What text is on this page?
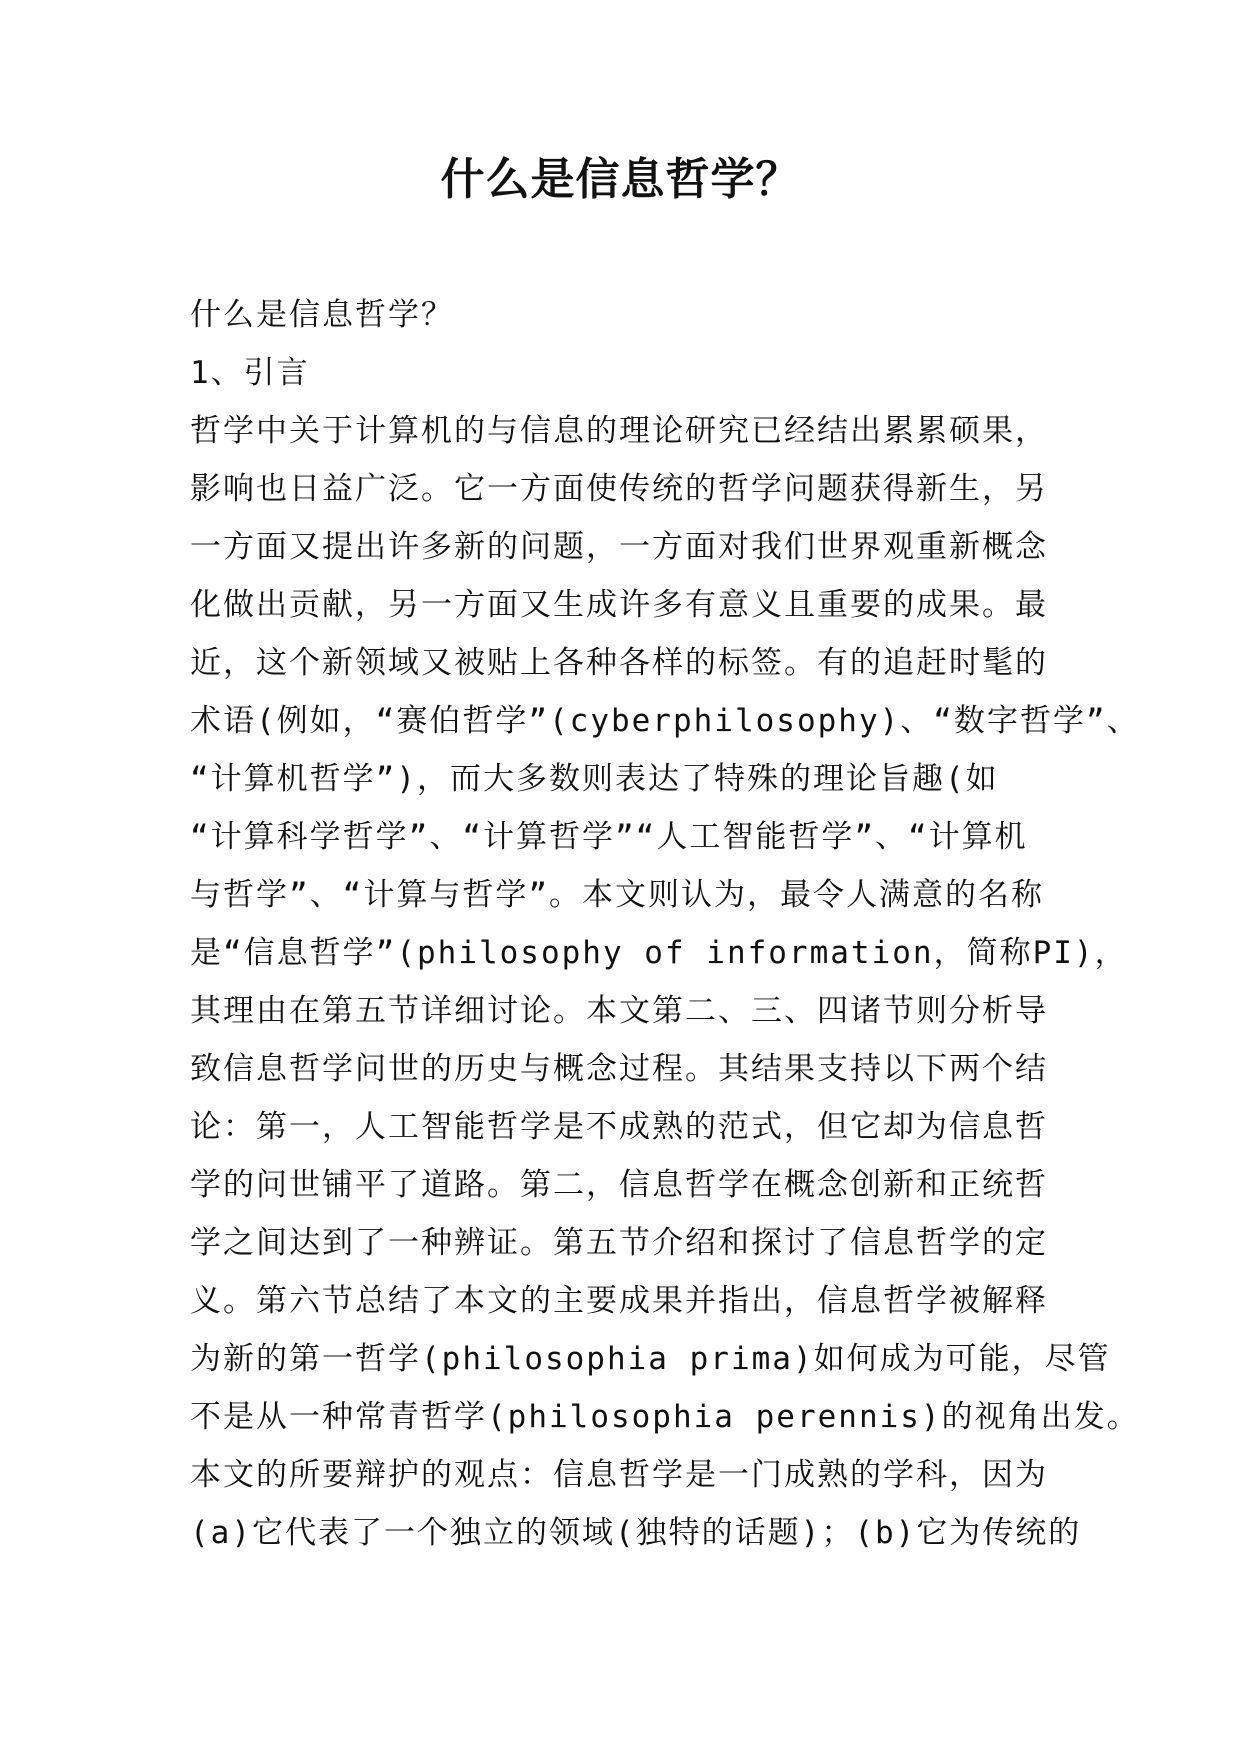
什么是信息哲学？

什么是信息哲学？

1、引言

哲学中关于计算机的与信息的理论研究已经结出累累硕果，

影响也日益广泛。它一方面使传统的哲学问题获得新生，另

一方面又提出许多新的问题，一方面对我们世界观重新概念

化做出贡献，另一方面又生成许多有意义且重要的成果。最

近，这个新领域又被贴上各种各样的标签。有的追赶时髦的

术语(例如，“赛伯哲学”(cyberphilosophy)、“数字哲学”、

“计算机哲学”)，而大多数则表达了特殊的理论旨趣(如

“计算科学哲学”、“计算哲学”“人工智能哲学”、“计算机

与哲学”、“计算与哲学”。本文则认为，最令人满意的名称

是“信息哲学”(philosophy of information，简称PI)，

其理由在第五节详细讨论。本文第二、三、四诸节则分析导

致信息哲学问世的历史与概念过程。其结果支持以下两个结

论：第一，人工智能哲学是不成熟的范式，但它却为信息哲

学的问世铺平了道路。第二，信息哲学在概念创新和正统哲

学之间达到了一种辨证。第五节介绍和探讨了信息哲学的定

义。第六节总结了本文的主要成果并指出，信息哲学被解释

为新的第一哲学(philosophia prima)如何成为可能，尽管

不是从一种常青哲学(philosophia perennis)的视角出发。

本文的所要辩护的观点：信息哲学是一门成熟的学科，因为

(a)它代表了一个独立的领域(独特的话题)；(b)它为传统的
